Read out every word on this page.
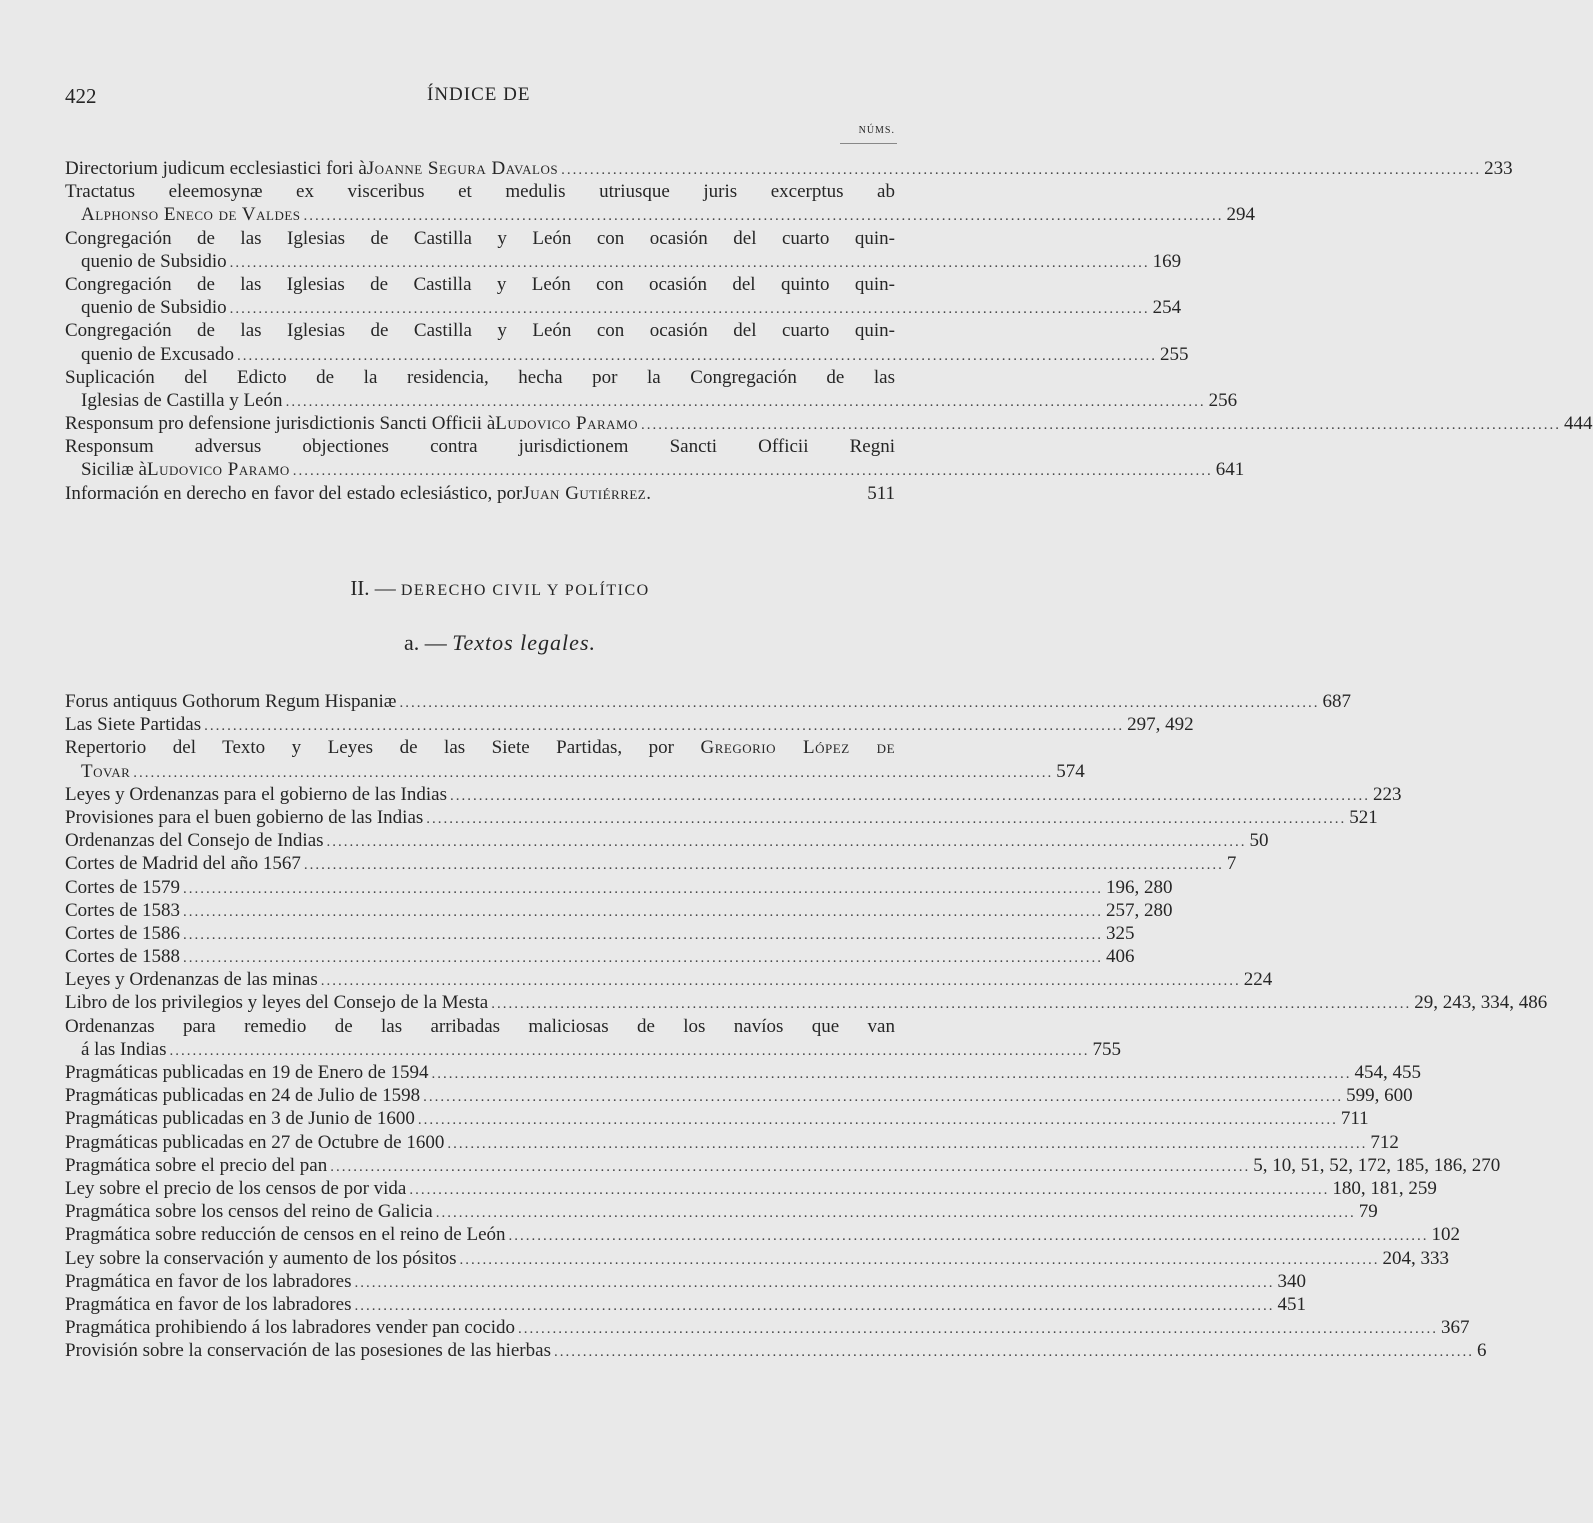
422	ÍNDICE DE
NÚMS.
Directorium judicum ecclesiastici fori à Joanne Segura Davalos ................................................................................................................................................................ 233
Tractatus eleemosynæ ex visceribus et medulis utriusque juris excerptus ab
Alphonso Eneco de Valdes ................................................................................................................................................................ 294
Congregación de las Iglesias de Castilla y León con ocasión del cuarto quin-
quenio de Subsidio ................................................................................................................................................................ 169
Congregación de las Iglesias de Castilla y León con ocasión del quinto quin-
quenio de Subsidio ................................................................................................................................................................ 254
Congregación de las Iglesias de Castilla y León con ocasión del cuarto quin-
quenio de Excusado ................................................................................................................................................................ 255
Suplicación del Edicto de la residencia, hecha por la Congregación de las
Iglesias de Castilla y León ................................................................................................................................................................ 256
Responsum pro defensione jurisdictionis Sancti Officii à Ludovico Paramo ................................................................................................................................................................ 444
Responsum adversus objectiones contra jurisdictionem Sancti Officii Regni
Siciliæ à Ludovico Paramo ................................................................................................................................................................ 641
Información en derecho en favor del estado eclesiástico, por Juan Gutiérrez .	511
II. — DERECHO CIVIL Y POLÍTICO
a. — Textos legales.
Forus antiquus Gothorum Regum Hispaniæ ................................................................................................................................................................ 687
Las Siete Partidas ................................................................................................................................................................ 297, 492
Repertorio del Texto y Leyes de las Siete Partidas, por Gregorio López de
Tovar ................................................................................................................................................................ 574
Leyes y Ordenanzas para el gobierno de las Indias ................................................................................................................................................................ 223
Provisiones para el buen gobierno de las Indias ................................................................................................................................................................ 521
Ordenanzas del Consejo de Indias ................................................................................................................................................................ 50
Cortes de Madrid del año 1567 ................................................................................................................................................................ 7
Cortes de 1579 ................................................................................................................................................................ 196, 280
Cortes de 1583 ................................................................................................................................................................ 257, 280
Cortes de 1586 ................................................................................................................................................................ 325
Cortes de 1588 ................................................................................................................................................................ 406
Leyes y Ordenanzas de las minas ................................................................................................................................................................ 224
Libro de los privilegios y leyes del Consejo de la Mesta ................................................................................................................................................................ 29, 243, 334, 486
Ordenanzas para remedio de las arribadas maliciosas de los navíos que van
á las Indias ................................................................................................................................................................ 755
Pragmáticas publicadas en 19 de Enero de 1594 ................................................................................................................................................................ 454, 455
Pragmáticas publicadas en 24 de Julio de 1598 ................................................................................................................................................................ 599, 600
Pragmáticas publicadas en 3 de Junio de 1600 ................................................................................................................................................................ 711
Pragmáticas publicadas en 27 de Octubre de 1600 ................................................................................................................................................................ 712
Pragmática sobre el precio del pan ................................................................................................................................................................ 5, 10, 51, 52, 172, 185, 186, 270
Ley sobre el precio de los censos de por vida ................................................................................................................................................................ 180, 181, 259
Pragmática sobre los censos del reino de Galicia ................................................................................................................................................................ 79
Pragmática sobre reducción de censos en el reino de León ................................................................................................................................................................ 102
Ley sobre la conservación y aumento de los pósitos ................................................................................................................................................................ 204, 333
Pragmática en favor de los labradores ................................................................................................................................................................ 340
Pragmática en favor de los labradores ................................................................................................................................................................ 451
Pragmática prohibiendo á los labradores vender pan cocido ................................................................................................................................................................ 367
Provisión sobre la conservación de las posesiones de las hierbas ................................................................................................................................................................ 6
